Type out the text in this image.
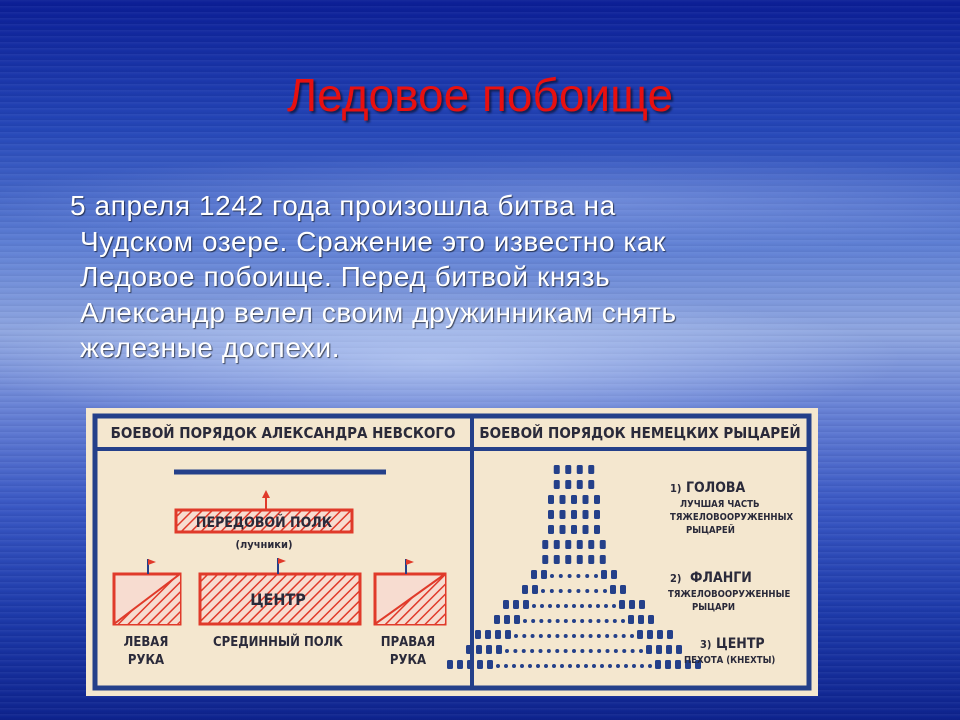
Ледовое побоище
5 апреля 1242 года произошла битва на
Чудском озере. Сражение это известно как
Ледовое побоище. Перед битвой князь
Александр велел своим дружинникам снять
железные доспехи.
БОЕВОЙ ПОРЯДОК АЛЕКСАНДРА НЕВСКОГО БОЕВОЙ ПОРЯДОК НЕМЕЦКИХ РЫЦАРЕЙ
ПЕРЕДОВОЙ ПОЛК
(лучники)
ЛЕВАЯ
РУКА
ЦЕНТР
СРЕДИННЫЙ ПОЛК	ПРАВАЯ
РУКА
1) ГОЛОВА
ЛУЧШАЯ ЧАСТЬ
ТЯЖЕЛОВООРУЖЕННЫХ
РЫЦАРЕЙ
2) ФЛАНГИ
ТЯЖЕЛОВООРУЖЕННЫЕ
РЫЦАРИ
3) ЦЕНТР
ПЕХОТА (КНЕХТЫ)
